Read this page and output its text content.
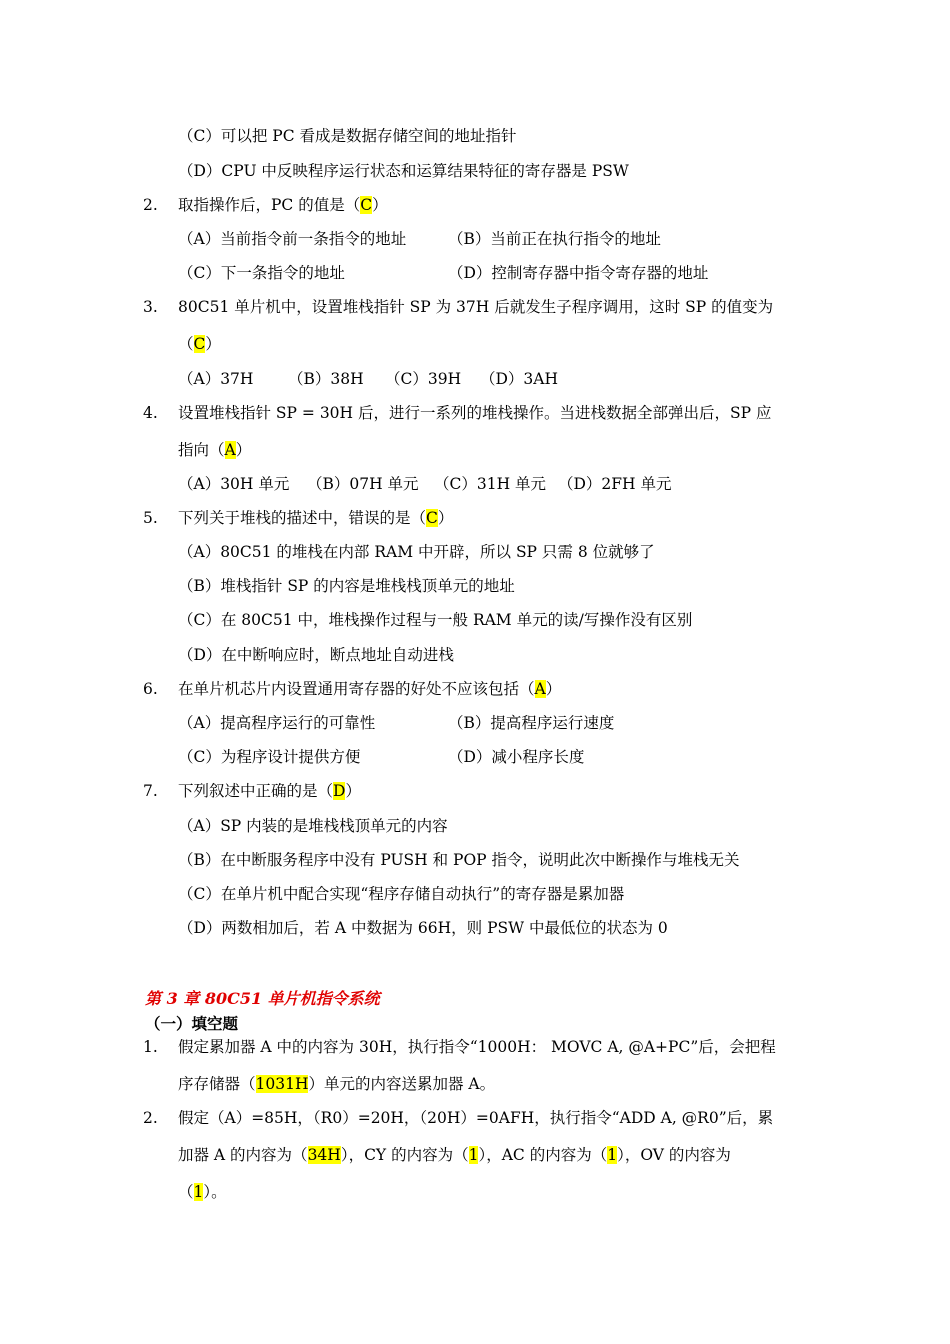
（C）可以把 PC 看成是数据存储空间的地址指针
（D）CPU 中反映程序运行状态和运算结果特征的寄存器是 PSW
2. 取指操作后，PC 的值是（C）
（A）当前指令前一条指令的地址	（B）当前正在执行指令的地址
（C）下一条指令的地址	（D）控制寄存器中指令寄存器的地址
3. 80C51 单片机中，设置堆栈指针 SP 为 37H 后就发生子程序调用，这时 SP 的值变为
（C）
（A）37H （B）38H （C）39H （D）3AH
4. 设置堆栈指针 SP = 30H 后，进行一系列的堆栈操作。当进栈数据全部弹出后，SP 应
指向（A）
（A）30H 单元 （B）07H 单元 （C）31H 单元 （D）2FH 单元
5. 下列关于堆栈的描述中，错误的是（C）
（A）80C51 的堆栈在内部 RAM 中开辟，所以 SP 只需 8 位就够了
（B）堆栈指针 SP 的内容是堆栈栈顶单元的地址
（C）在 80C51 中，堆栈操作过程与一般 RAM 单元的读/写操作没有区别
（D）在中断响应时，断点地址自动进栈
6. 在单片机芯片内设置通用寄存器的好处不应该包括（A）
（A）提高程序运行的可靠性	（B）提高程序运行速度
（C）为程序设计提供方便	（D）减小程序长度
7. 下列叙述中正确的是（D）
（A）SP 内装的是堆栈栈顶单元的内容
（B）在中断服务程序中没有 PUSH 和 POP 指令，说明此次中断操作与堆栈无关
（C）在单片机中配合实现“程序存储自动执行”的寄存器是累加器
（D）两数相加后，若 A 中数据为 66H，则 PSW 中最低位的状态为 0
第 3 章 80C51 单片机指令系统
（一）填空题
1. 假定累加器 A 中的内容为 30H，执行指令“1000H： MOVC A, @A+PC”后，会把程
序存储器（1031H）单元的内容送累加器 A。
2. 假定（A）=85H，（R0）=20H，（20H）=0AFH，执行指令“ADD A, @R0”后，累
加器 A 的内容为（34H），CY 的内容为（1），AC 的内容为（1），OV 的内容为
（1）。
